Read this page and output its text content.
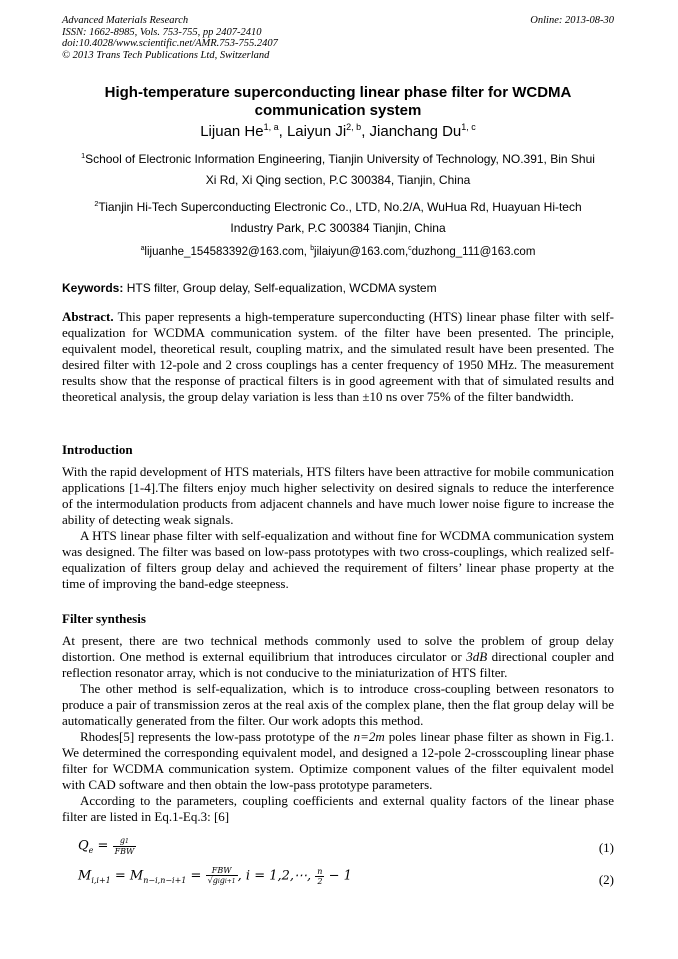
Advanced Materials Research
ISSN: 1662-8985, Vols. 753-755, pp 2407-2410
doi:10.4028/www.scientific.net/AMR.753-755.2407
© 2013 Trans Tech Publications Ltd, Switzerland
Online: 2013-08-30
High-temperature superconducting linear phase filter for WCDMA
communication system
Lijuan He$^{1, a}$, Laiyun Ji$^{2, b}$, Jianchang Du$^{1, c}$
$^1$School of Electronic Information Engineering, Tianjin University of Technology, NO.391, Bin Shui
Xi Rd, Xi Qing section, P.C 300384, Tianjin, China
$^2$Tianjin Hi-Tech Superconducting Electronic Co., LTD, No.2/A, WuHua Rd, Huayuan Hi-tech
Industry Park, P.C 300384 Tianjin, China
$^a$lijuanhe_154583392@163.com, $^b$jilaiyun@163.com,$^c$duzhong_111@163.com
Keywords: HTS filter, Group delay, Self-equalization, WCDMA system

Abstract. This paper represents a high-temperature superconducting (HTS) linear phase filter with self-equalization for WCDMA communication system. of the filter have been presented. The principle, equivalent model, theoretical result, coupling matrix, and the simulated result have been presented. The desired filter with 12-pole and 2 cross couplings has a center frequency of 1950 MHz. The measurement results show that the response of practical filters is in good agreement with that of simulated results and theoretical analysis, the group delay variation is less than ±10 ns over 75% of the filter bandwidth.

Introduction

With the rapid development of HTS materials, HTS filters have been attractive for mobile communication applications [1-4].The filters enjoy much higher selectivity on desired signals to reduce the interference of the intermodulation products from adjacent channels and have much lower noise figure to increase the ability of detecting weak signals.

A HTS linear phase filter with self-equalization and without fine for WCDMA communication system was designed. The filter was based on low-pass prototypes with two cross-couplings, which realized self-equalization of filters group delay and achieved the requirement of filters’ linear phase property at the time of improving the band-edge steepness.

Filter synthesis

At present, there are two technical methods commonly used to solve the problem of group delay distortion. One method is external equilibrium that introduces circulator or 3dB directional coupler and reflection resonator array, which is not conducive to the miniaturization of HTS filter.

The other method is self-equalization, which is to introduce cross-coupling between resonators to produce a pair of transmission zeros at the real axis of the complex plane, then the flat group delay will be automatically generated from the filter. Our work adopts this method.

Rhodes[5] represents the low-pass prototype of the n=2m poles linear phase filter as shown in Fig.1. We determined the corresponding equivalent model, and designed a 12-pole 2-crosscoupling linear phase filter for WCDMA communication system. Optimize component values of the filter equivalent model with CAD software and then obtain the low-pass prototype parameters.

According to the parameters, coupling coefficients and external quality factors of the linear phase filter are listed in Eq.1-Eq.3: [6]

$Q_e = \frac{g1}{\text{FBW}}$	(1)
$M_{i,i+1} = M_{n-i,n-i+1} = \frac{\text{FBW}}{\text{√gigi+1}}$ , i = 1,2,⋯, $\frac{n}{2} - 1$	(2)
